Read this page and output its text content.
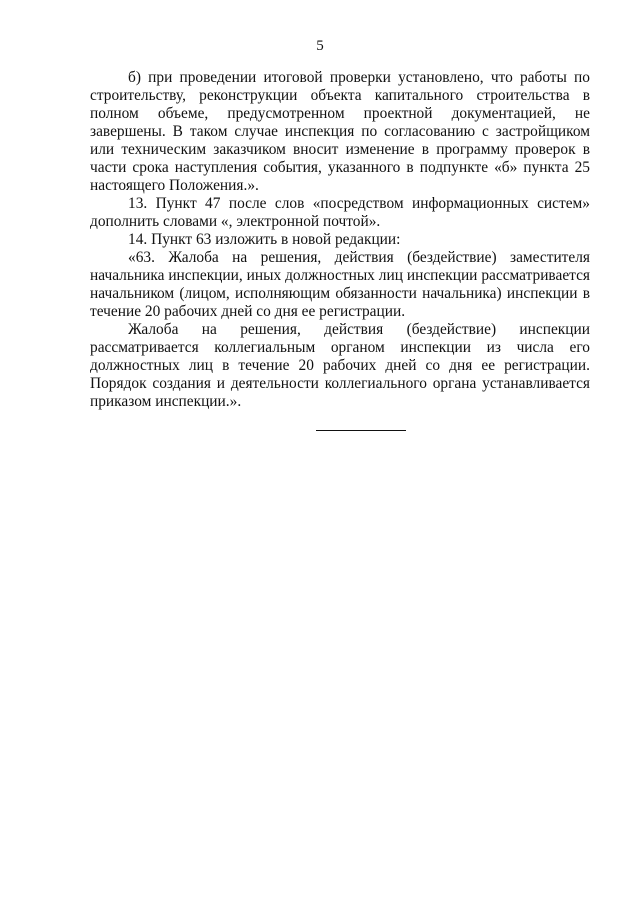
5

б) при проведении итоговой проверки установлено, что работы по строительству, реконструкции объекта капитального строительства в полном объеме, предусмотренном проектной документацией, не завершены. В таком случае инспекция по согласованию с застройщиком или техническим заказчиком вносит изменение в программу проверок в части срока наступления события, указанного в подпункте «б» пункта 25 настоящего Положения.».

13. Пункт 47 после слов «посредством информационных систем» дополнить словами «, электронной почтой».

14. Пункт 63 изложить в новой редакции:

«63. Жалоба на решения, действия (бездействие) заместителя начальника инспекции, иных должностных лиц инспекции рассматривается начальником (лицом, исполняющим обязанности начальника) инспекции в течение 20 рабочих дней со дня ее регистрации.

Жалоба на решения, действия (бездействие) инспекции рассматривается коллегиальным органом инспекции из числа его должностных лиц в течение 20 рабочих дней со дня ее регистрации. Порядок создания и деятельности коллегиального органа устанавливается приказом инспекции.».
